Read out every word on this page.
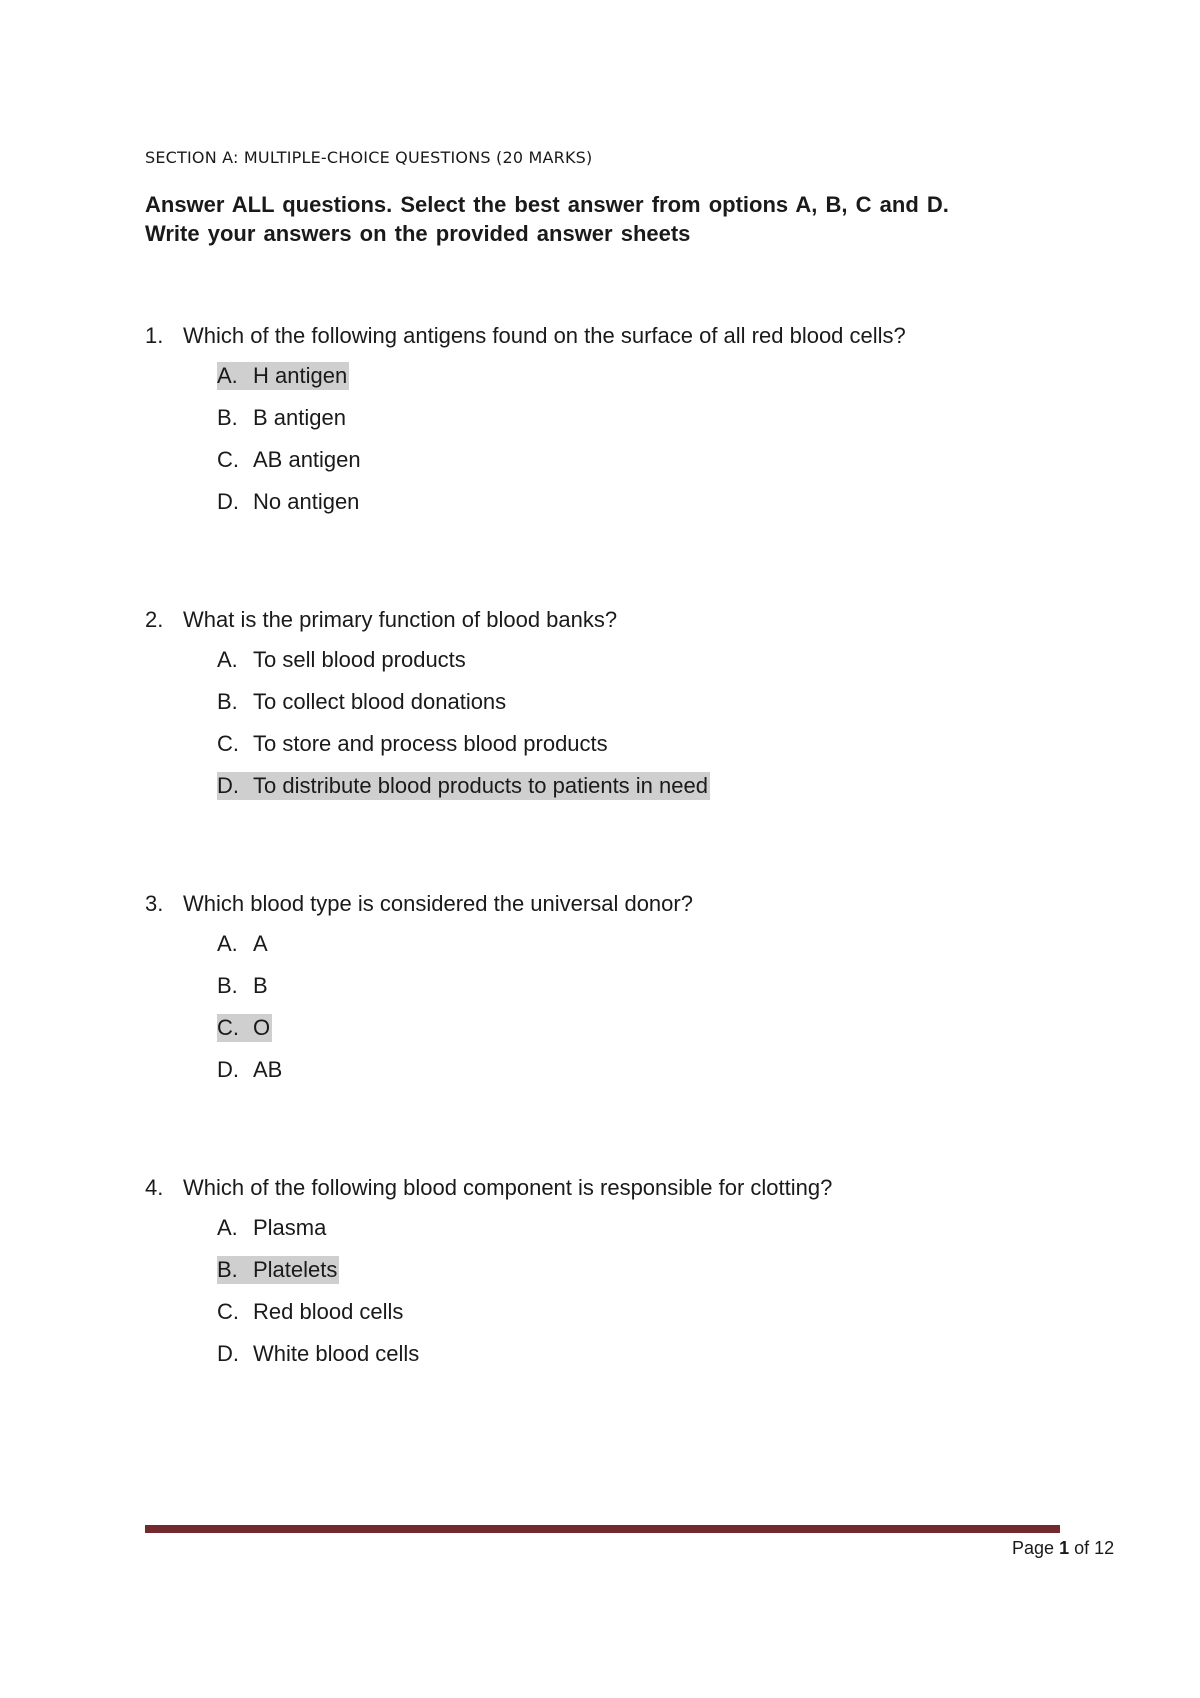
SECTION A: MULTIPLE-CHOICE QUESTIONS (20 MARKS)
Answer ALL questions. Select the best answer from options A, B, C and D.
Write your answers on the provided answer sheets
1. Which of the following antigens found on the surface of all red blood cells?
A. H antigen
B. B antigen
C. AB antigen
D. No antigen
2. What is the primary function of blood banks?
A. To sell blood products
B. To collect blood donations
C. To store and process blood products
D. To distribute blood products to patients in need
3. Which blood type is considered the universal donor?
A. A
B. B
C. O
D. AB
4. Which of the following blood component is responsible for clotting?
A. Plasma
B. Platelets
C. Red blood cells
D. White blood cells
Page 1 of 12
